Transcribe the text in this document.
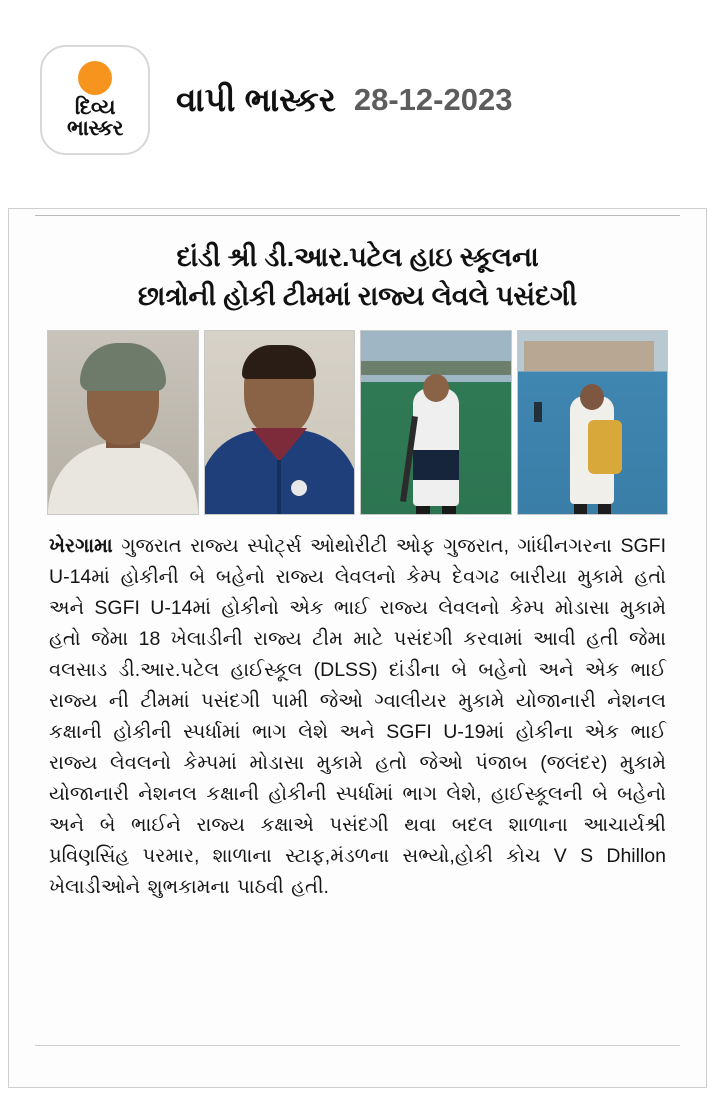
દિવ્ય
ભાસ્કર
વાપી ભાસ્કર 28-12-2023
દાંડી શ્રી ડી.આર.પટેલ હાઇ સ્કૂલના
છાત્રોની હોકી ટીમમાં રાજ્ય લેવલે પસંદગી
ખેરગામા ગુજરાત રાજ્ય સ્પોર્ટ્સ ઓથોરીટી ઓફ ગુજરાત, ગાંધીનગરના SGFI U-14માં હોકીની બે બહેનો રાજ્ય લેવલનો કેમ્પ દેવગઢ બારીયા મુકામે હતો અને SGFI U-14માં હોકીનો એક ભાઈ રાજ્ય લેવલનો કેમ્પ મોડાસા મુકામે હતો જેમા 18 ખેલાડીની રાજ્ય ટીમ માટે પસંદગી કરવામાં આવી હતી જેમા વલસાડ ડી.આર.પટેલ હાઈસ્કૂલ (DLSS) દાંડીના બે બહેનો અને એક ભાઈ રાજ્ય ની ટીમમાં પસંદગી પામી જેઓ ગ્વાલીયર મુકામે યોજાનારી નેશનલ કક્ષાની હોકીની સ્પર્ધામાં ભાગ લેશે અને SGFI U-19માં હોકીના એક ભાઈ રાજ્ય લેવલનો કેમ્પમાં મોડાસા મુકામે હતો જેઓ પંજાબ (જલંદર) મુકામે યોજાનારી નેશનલ કક્ષાની હોકીની સ્પર્ધામાં ભાગ લેશે, હાઈસ્કૂલની બે બહેનો અને બે ભાઈને રાજ્ય કક્ષાએ પસંદગી થવા બદલ શાળાના આચાર્યશ્રી પ્રવિણસિંહ પરમાર, શાળાના સ્ટાફ,મંડળના સભ્યો,હોકી કોચ V S Dhillon ખેલાડીઓને શુભકામના પાઠવી હતી.
